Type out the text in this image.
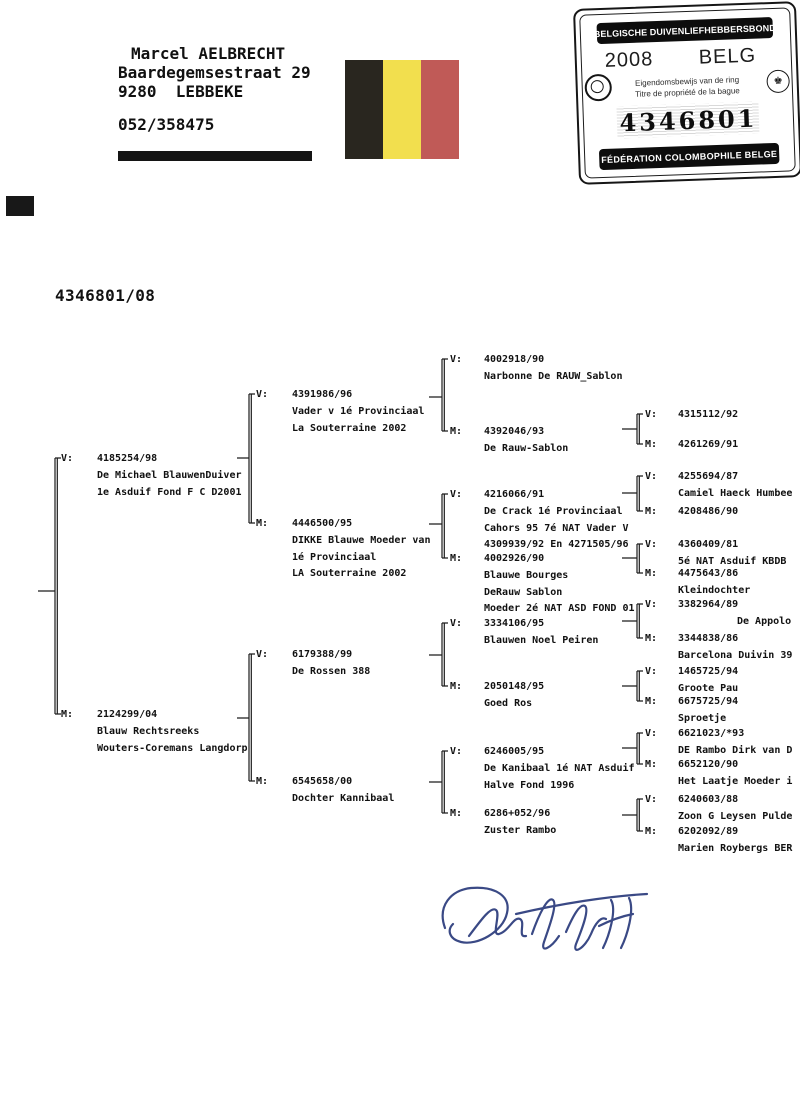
Marcel AELBRECHT
Baardegemsestraat 29
9280  LEBBEKE
052/358475
BELGISCHE DUIVENLIEFHEBBERSBOND
2008 BELG
♚
Eigendomsbewijs van de ring
Titre de propriété de la bague
4346801
FÉDÉRATION COLOMBOPHILE BELGE
4346801/08
V:	4185254/98
De Michael BlauwenDuiver
1e Asduif Fond F C D2001
M:	2124299/04
Blauw Rechtsreeks
Wouters-Coremans Langdorp
V:	4391986/96
Vader v 1é Provinciaal
La Souterraine 2002
M:	4446500/95
DIKKE Blauwe Moeder van
1é Provinciaal
LA Souterraine 2002
V:	6179388/99
De Rossen 388
M:	6545658/00
Dochter Kannibaal
V:	4002918/90
Narbonne De RAUW_Sablon
M:	4392046/93
De Rauw-Sablon
V:	4216066/91
De Crack 1é Provinciaal
Cahors 95 7é NAT Vader V
4309939/92 En 4271505/96
M:	4002926/90
Blauwe Bourges
DeRauw Sablon
Moeder 2é NAT ASD FOND 01
V:	3334106/95
Blauwen Noel Peiren
M:	2050148/95
Goed Ros
V:	6246005/95
De Kanibaal 1é NAT Asduif
Halve Fond 1996
M:	6286+052/96
Zuster Rambo
V:	4315112/92
M:	4261269/91
V:	4255694/87
Camiel Haeck Humbee
M:	4208486/90
V:	4360409/81
5é NAT Asduif KBDB
M:	4475643/86
Kleindochter
V:	3382964/89
De Appolo
M:	3344838/86
Barcelona Duivin 39
V:	1465725/94
Groote Pau
M:	6675725/94
Sproetje
V:	6621023/*93
DE Rambo Dirk van D
M:	6652120/90
Het Laatje Moeder i
V:	6240603/88
Zoon G Leysen Pulde
M:	6202092/89
Marien Roybergs BER
